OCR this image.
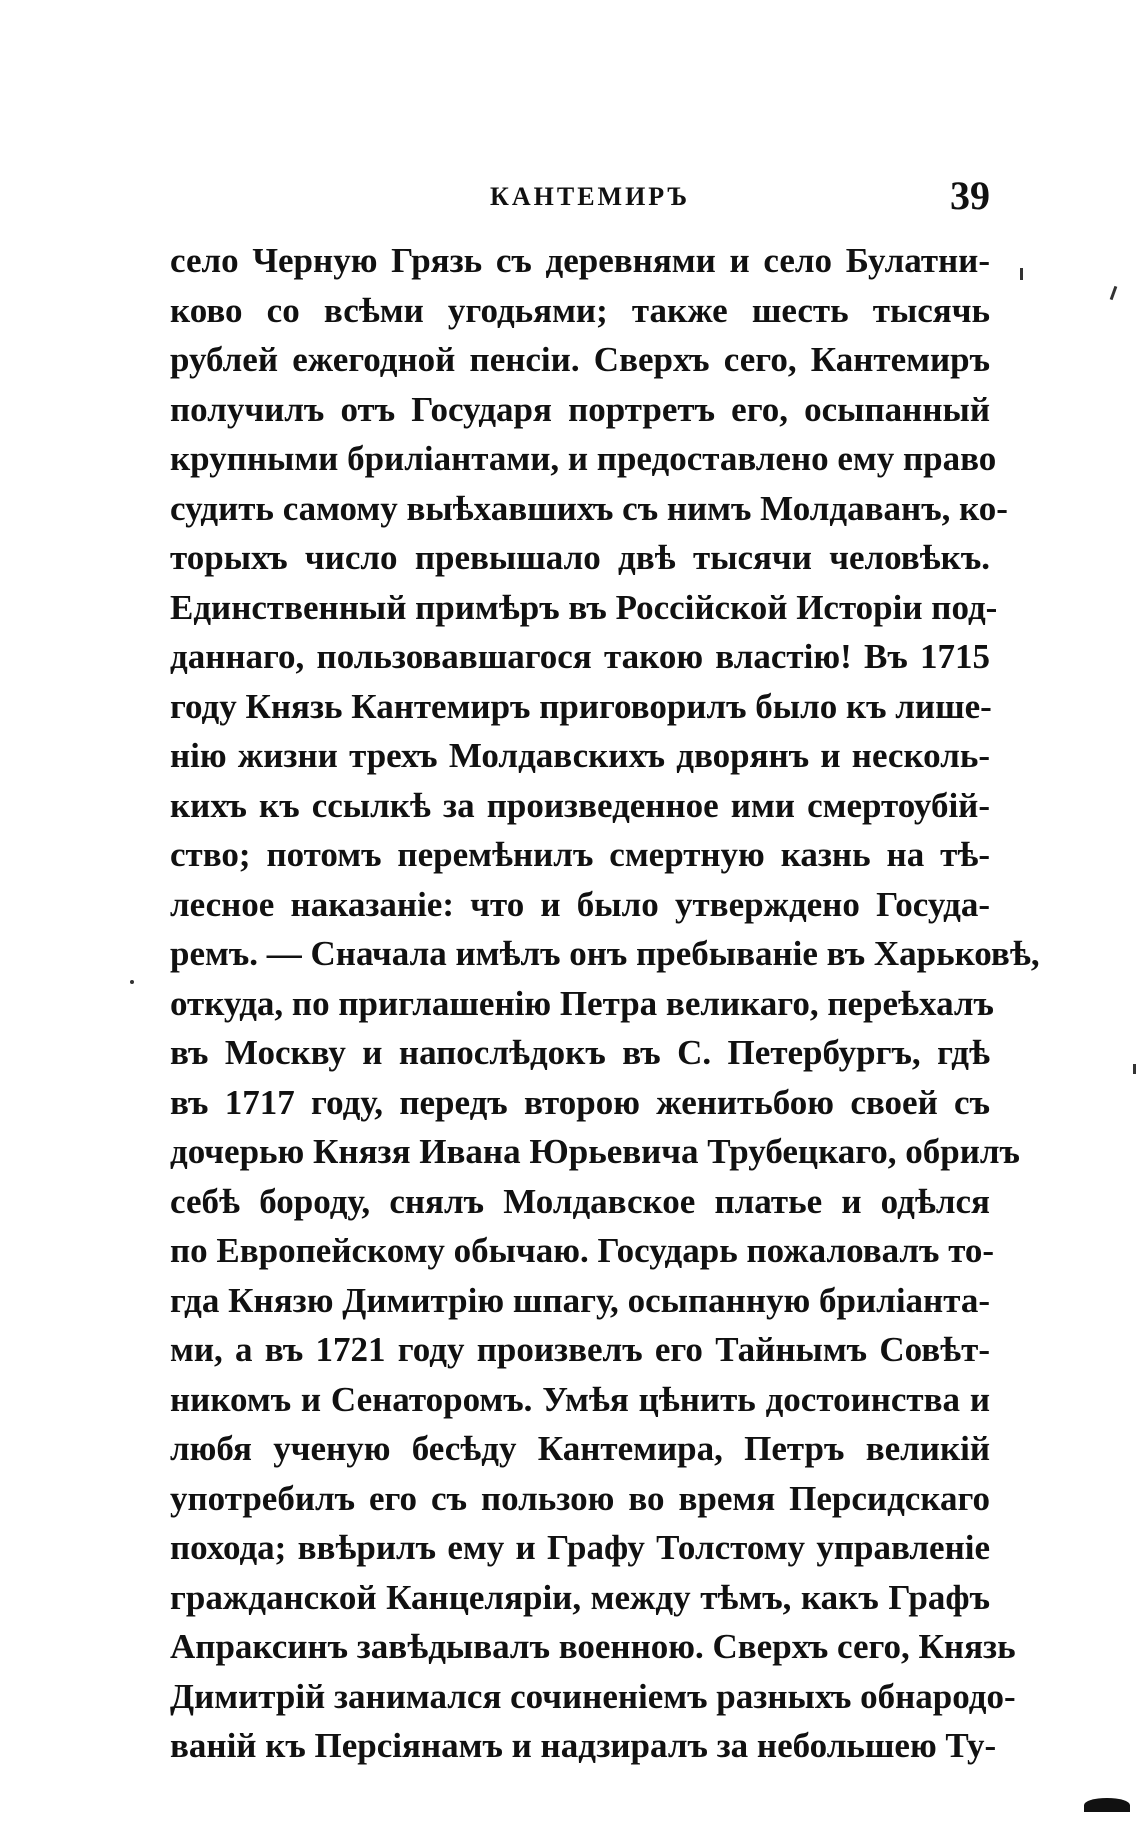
КАНТЕМИРЪ	39
село Черную Грязь съ деревнями и село Булатни-
ково со всѣми угодьями; также шесть тысячь
рублей ежегодной пенсіи. Сверхъ сего, Кантемиръ
получилъ отъ Государя портретъ его, осыпанный
крупными бриліантами, и предоставлено ему право
судить самому выѣхавшихъ съ нимъ Молдаванъ, ко-
торыхъ число превышало двѣ тысячи человѣкъ.
Единственный примѣръ въ Россійской Исторіи под-
даннаго, пользовавшагося такою властію! Въ 1715
году Князь Кантемиръ приговорилъ было къ лише-
нію жизни трехъ Молдавскихъ дворянъ и несколь-
кихъ къ ссылкѣ за произведенное ими смертоубій-
ство; потомъ перемѣнилъ смертную казнь на тѣ-
лесное наказаніе: что и было утверждено Госуда-
ремъ. — Сначала имѣлъ онъ пребываніе въ Харьковѣ,
откуда, по приглашенію Петра великаго, переѣхалъ
въ Москву и напослѣдокъ въ С. Петербургъ, гдѣ
въ 1717 году, передъ второю женитьбою своей съ
дочерью Князя Ивана Юрьевича Трубецкаго, обрилъ
себѣ бороду, снялъ Молдавское платье и одѣлся
по Европейскому обычаю. Государь пожаловалъ то-
гда Князю Димитрію шпагу, осыпанную бриліанта-
ми, а въ 1721 году произвелъ его Тайнымъ Совѣт-
никомъ и Сенаторомъ. Умѣя цѣнить достоинства и
любя ученую бесѣду Кантемира, Петръ великій
употребилъ его съ пользою во время Персидскаго
похода; ввѣрилъ ему и Графу Толстому управленіе
гражданской Канцеляріи, между тѣмъ, какъ Графъ
Апраксинъ завѣдывалъ военною. Сверхъ сего, Князь
Димитрій занимался сочиненіемъ разныхъ обнародо-
ваній къ Персіянамъ и надзиралъ за небольшею Ту-
